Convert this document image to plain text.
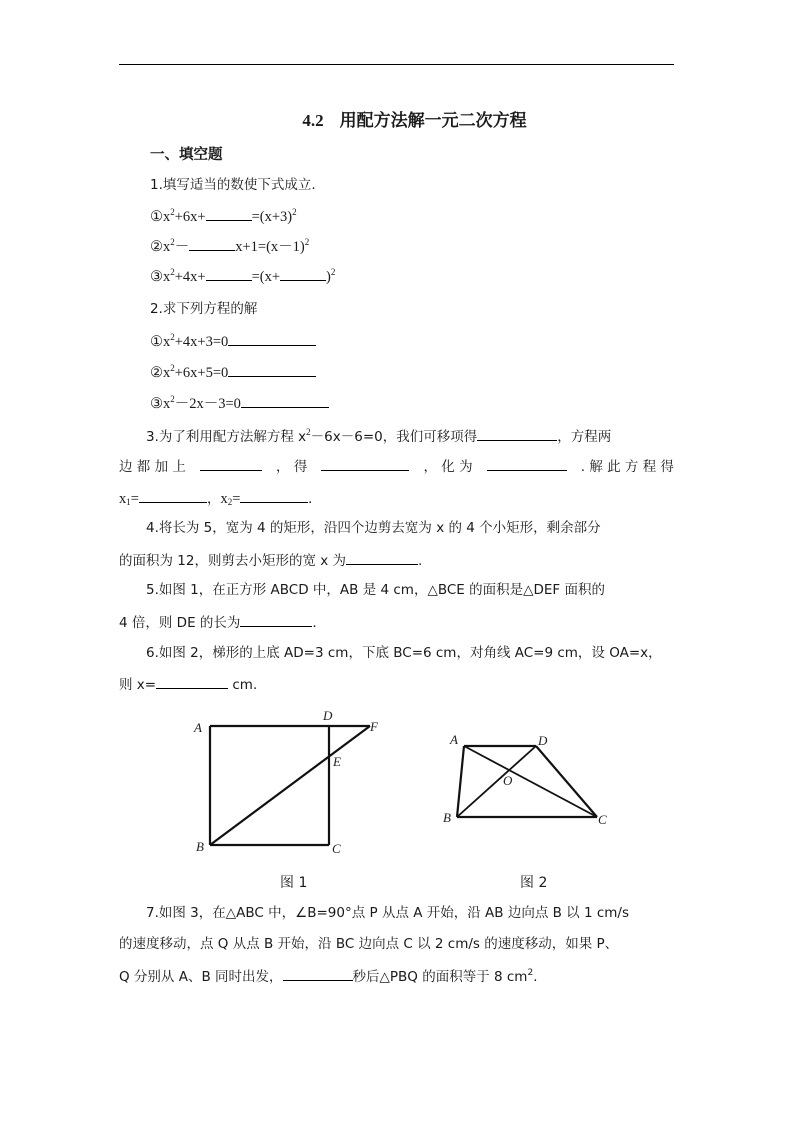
4.2 用配方法解一元二次方程
一、填空题
1.填写适当的数使下式成立.
$①x^2+6x+$	$=(x+3)^2$
$②x^2-$	$x+1=(x-1)^2$
$③x^2+4x+$	=(x+	)$^2$
2.求下列方程的解
$①x^2+4x+3=0$
$②x^2+6x+5=0$
$③x^2-2x-3=0$
3.为了利用配方法解方程 $x^2-6x-6=0$，我们可移项得	，方程两
边 都 加 上	， 得	， 化 为	. 解 此 方 程 得
$x_1=$	，$x_2=$	.
4.将长为 5，宽为 4 的矩形，沿四个边剪去宽为 x 的 4 个小矩形，剩余部分
的面积为 12，则剪去小矩形的宽 x 为	.
5.如图 1，在正方形 ABCD 中，AB 是 4 cm，△BCE 的面积是△DEF 面积的
4 倍，则 DE 的长为	.
6.如图 2，梯形的上底 AD=3 cm，下底 BC=6 cm，对角线 AC=9 cm，设 OA=x，
则 x=	cm.
A
B	C
D
E
F
图 1
A
B	C
D
O
图 2
7.如图 3，在△ABC 中，∠B=90°点 P 从点 A 开始，沿 AB 边向点 B 以 1 cm/s
的速度移动，点 Q 从点 B 开始，沿 BC 边向点 C 以 2 cm/s 的速度移动，如果 P、
Q 分别从 A、B 同时出发，	秒后△PBQ 的面积等于 8 $cm^2$.
